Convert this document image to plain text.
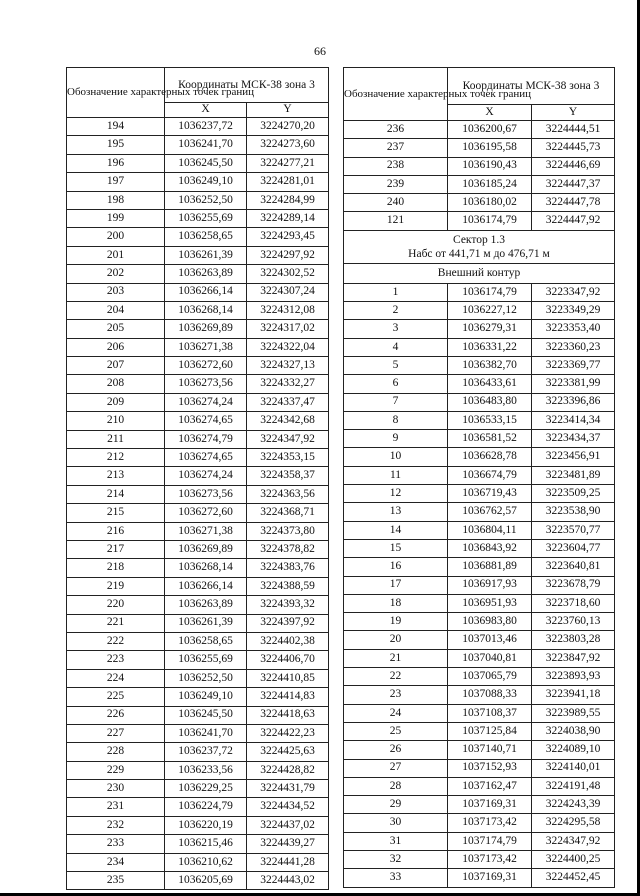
66
Обозначение характерных точек границ	Координаты МСК-38 зона 3	
	X	Y
194	1036237,72	3224270,20
195	1036241,70	3224273,60
196	1036245,50	3224277,21
197	1036249,10	3224281,01
198	1036252,50	3224284,99
199	1036255,69	3224289,14
200	1036258,65	3224293,45
201	1036261,39	3224297,92
202	1036263,89	3224302,52
203	1036266,14	3224307,24
204	1036268,14	3224312,08
205	1036269,89	3224317,02
206	1036271,38	3224322,04
207	1036272,60	3224327,13
208	1036273,56	3224332,27
209	1036274,24	3224337,47
210	1036274,65	3224342,68
211	1036274,79	3224347,92
212	1036274,65	3224353,15
213	1036274,24	3224358,37
214	1036273,56	3224363,56
215	1036272,60	3224368,71
216	1036271,38	3224373,80
217	1036269,89	3224378,82
218	1036268,14	3224383,76
219	1036266,14	3224388,59
220	1036263,89	3224393,32
221	1036261,39	3224397,92
222	1036258,65	3224402,38
223	1036255,69	3224406,70
224	1036252,50	3224410,85
225	1036249,10	3224414,83
226	1036245,50	3224418,63
227	1036241,70	3224422,23
228	1036237,72	3224425,63
229	1036233,56	3224428,82
230	1036229,25	3224431,79
231	1036224,79	3224434,52
232	1036220,19	3224437,02
233	1036215,46	3224439,27
234	1036210,62	3224441,28
235	1036205,69	3224443,02
Обозначение характерных точек границ	Координаты МСК-38 зона 3	
	X	Y
236	1036200,67	3224444,51
237	1036195,58	3224445,73
238	1036190,43	3224446,69
239	1036185,24	3224447,37
240	1036180,02	3224447,78
121	1036174,79	3224447,92
Сектор 1.3
Набс от 441,71 м до 476,71 м		
Внешний контур		
1	1036174,79	3223347,92
2	1036227,12	3223349,29
3	1036279,31	3223353,40
4	1036331,22	3223360,23
5	1036382,70	3223369,77
6	1036433,61	3223381,99
7	1036483,80	3223396,86
8	1036533,15	3223414,34
9	1036581,52	3223434,37
10	1036628,78	3223456,91
11	1036674,79	3223481,89
12	1036719,43	3223509,25
13	1036762,57	3223538,90
14	1036804,11	3223570,77
15	1036843,92	3223604,77
16	1036881,89	3223640,81
17	1036917,93	3223678,79
18	1036951,93	3223718,60
19	1036983,80	3223760,13
20	1037013,46	3223803,28
21	1037040,81	3223847,92
22	1037065,79	3223893,93
23	1037088,33	3223941,18
24	1037108,37	3223989,55
25	1037125,84	3224038,90
26	1037140,71	3224089,10
27	1037152,93	3224140,01
28	1037162,47	3224191,48
29	1037169,31	3224243,39
30	1037173,42	3224295,58
31	1037174,79	3224347,92
32	1037173,42	3224400,25
33	1037169,31	3224452,45
